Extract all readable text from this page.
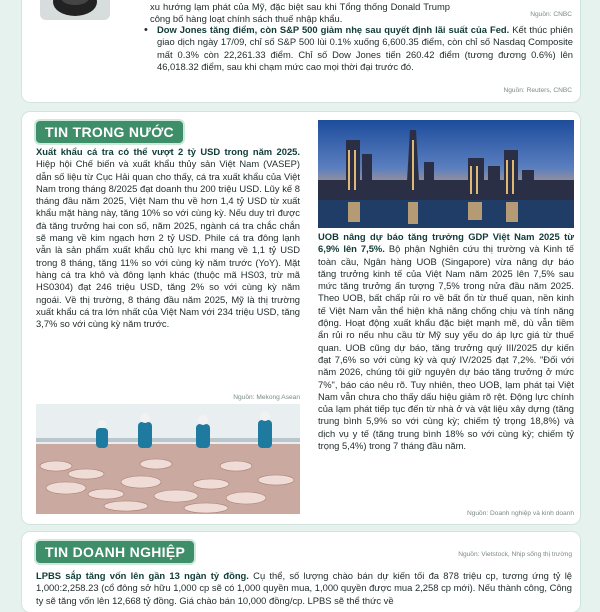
xu hướng lạm phát của Mỹ, đặc biệt sau khi Tổng thống Donald Trump công bố hàng loạt chính sách thuế nhập khẩu.	Nguồn: CNBC
• Dow Jones tăng điểm, còn S&P 500 giảm nhẹ sau quyết định lãi suất của Fed. Kết thúc phiên giao dịch ngày 17/09, chỉ số S&P 500 lùi 0.1% xuống 6,600.35 điểm, còn chỉ số Nasdaq Composite mất 0.3% còn 22,261.33 điểm. Chỉ số Dow Jones tiến 260.42 điểm (tương đương 0.6%) lên 46,018.32 điểm, sau khi chạm mức cao mọi thời đại trước đó.

Nguồn: Reuters, CNBC
TIN TRONG NƯỚC

Xuất khẩu cá tra có thể vượt 2 tỷ USD trong năm 2025. Hiệp hội Chế biến và xuất khẩu thủy sản Việt Nam (VASEP) dẫn số liệu từ Cục Hải quan cho thấy, cá tra xuất khẩu của Việt Nam trong tháng 8/2025 đạt doanh thu 200 triệu USD. Lũy kế 8 tháng đầu năm 2025, Việt Nam thu về hơn 1,4 tỷ USD từ xuất khẩu mặt hàng này, tăng 10% so với cùng kỳ. Nếu duy trì được đà tăng trưởng hai con số, năm 2025, ngành cá tra chắc chắn sẽ mang về kim ngạch hơn 2 tỷ USD. Phile cá tra đông lạnh vẫn là sản phẩm xuất khẩu chủ lực khi mang về 1,1 tỷ USD trong 8 tháng, tăng 11% so với cùng kỳ năm trước (YoY). Mặt hàng cá tra khô và đông lạnh khác (thuộc mã HS03, trừ mã HS0304) đạt 246 triệu USD, tăng 2% so với cùng kỳ năm ngoái. Về thị trường, 8 tháng đầu năm 2025, Mỹ là thị trường xuất khẩu cá tra lớn nhất của Việt Nam với 234 triệu USD, tăng 3,7% so với cùng kỳ năm trước.

Nguồn: Mekong Asean

UOB nâng dự báo tăng trưởng GDP Việt Nam 2025 từ 6,9% lên 7,5%. Bộ phận Nghiên cứu thị trường và Kinh tế toàn cầu, Ngân hàng UOB (Singapore) vừa nâng dự báo tăng trưởng kinh tế của Việt Nam năm 2025 lên 7,5% sau mức tăng trưởng ấn tượng 7,5% trong nửa đầu năm 2025. Theo UOB, bất chấp rủi ro về bất ổn từ thuế quan, nền kinh tế Việt Nam vẫn thể hiện khả năng chống chịu và tính năng động. Hoạt động xuất khẩu đặc biệt mạnh mẽ, dù vẫn tiềm ẩn rủi ro nếu nhu cầu từ Mỹ suy yếu do áp lực giá từ thuế quan. UOB cũng dự báo, tăng trưởng quý III/2025 dự kiến đạt 7,6% so với cùng kỳ và quý IV/2025 đạt 7,2%. "Đối với năm 2026, chúng tôi giữ nguyên dự báo tăng trưởng ở mức 7%", báo cáo nêu rõ. Tuy nhiên, theo UOB, lạm phát tại Việt Nam vẫn chưa cho thấy dấu hiệu giảm rõ rệt. Động lực chính của lạm phát tiếp tục đến từ nhà ở và vật liệu xây dựng (tăng trung bình 5,9% so với cùng kỳ; chiếm tỷ trọng 18,8%) và dịch vụ y tế (tăng trung bình 18% so với cùng kỳ; chiếm tỷ trọng 5,4%) trong 7 tháng đầu năm.

Nguồn: Doanh nghiệp và kinh doanh
TIN DOANH NGHIỆP	Nguồn: Vietstock, Nhịp sống thị trường

LPBS sắp tăng vốn lên gần 13 ngàn tỷ đồng. Cụ thể, số lượng chào bán dự kiến tối đa 878 triệu cp, tương ứng tỷ lệ 1,000:2,258.23 (cổ đông sở hữu 1,000 cp sẽ có 1,000 quyền mua, 1,000 quyền được mua 2,258 cp mới). Nếu thành công, Công ty sẽ tăng vốn lên 12,668 tỷ đồng. Giá chào bán 10,000 đồng/cp. LPBS sẽ thể thức về
